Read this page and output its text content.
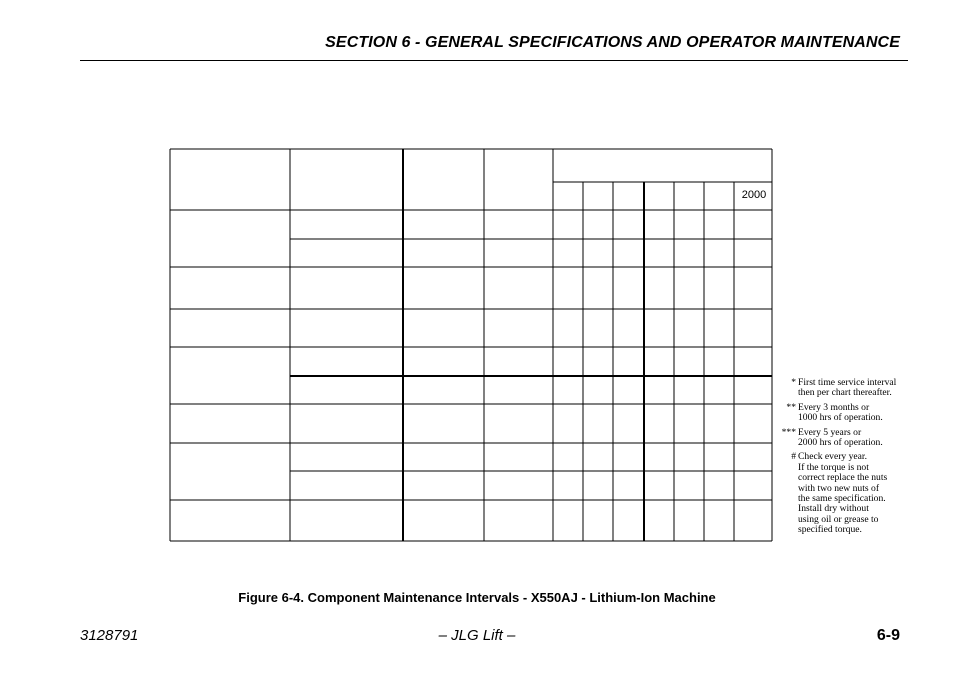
SECTION 6 - GENERAL SPECIFICATIONS AND OPERATOR MAINTENANCE
2000
* First time service interval
then per chart thereafter.
** Every 3 months or
1000 hrs of operation.
*** Every 5 years or
2000 hrs of operation.
# Check every year.
If the torque is not
correct replace the nuts
with two new nuts of
the same specification.
Install dry without
using oil or grease to
specified torque.
Figure 6-4. Component Maintenance Intervals - X550AJ - Lithium-Ion Machine
3128791	– JLG Lift –	6-9
